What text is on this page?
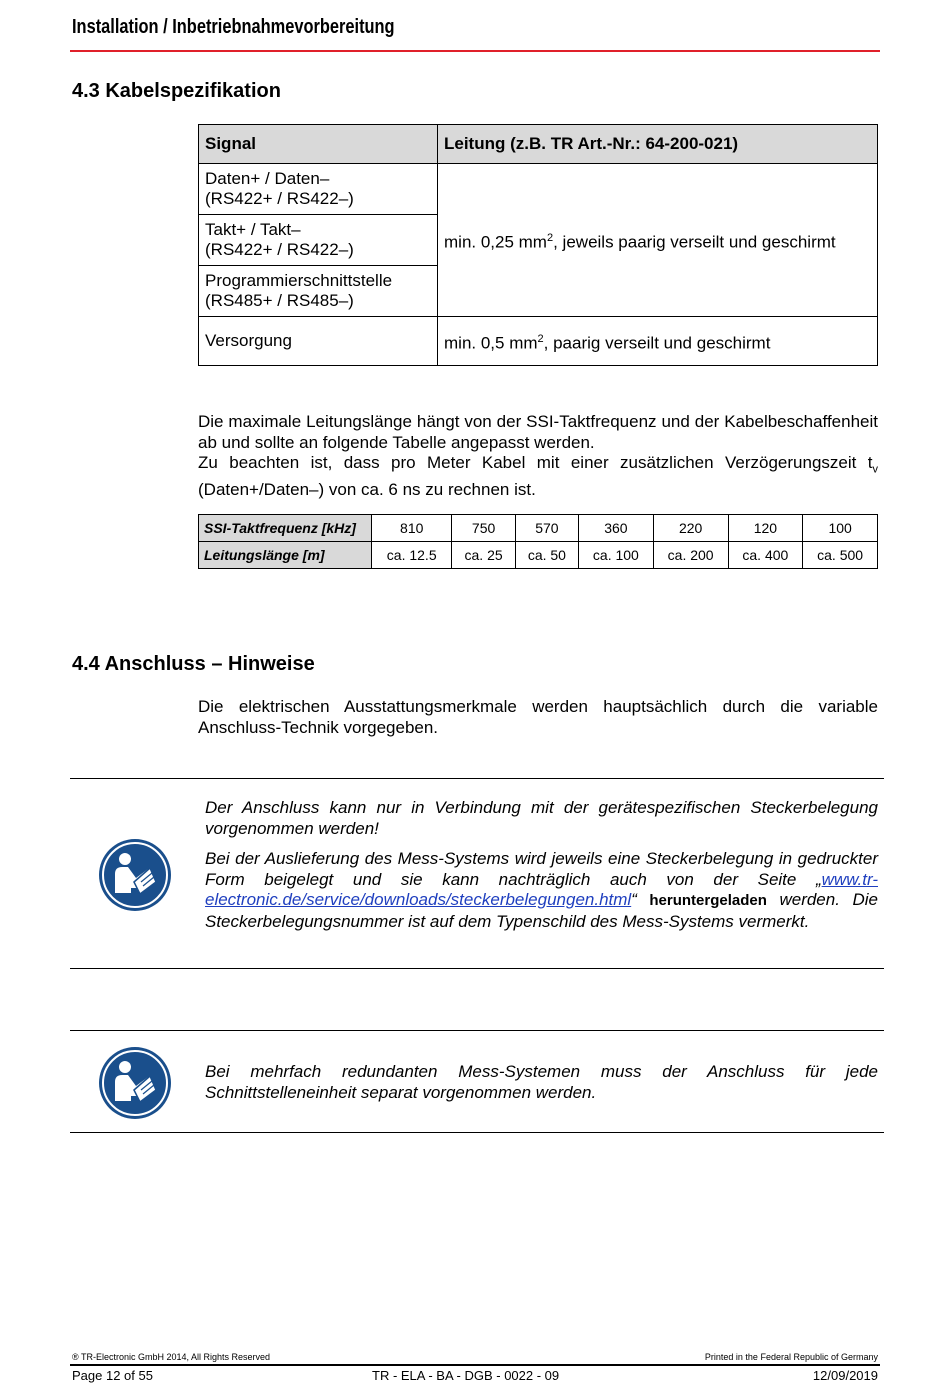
Installation / Inbetriebnahmevorbereitung
4.3 Kabelspezifikation
Signal	Leitung (z.B. TR Art.-Nr.: 64-200-021)
Daten+ / Daten–
(RS422+ / RS422–)	min. 0,25 $mm^2$, jeweils paarig verseilt und geschirmt
Takt+ / Takt–
(RS422+ / RS422–)	
Programmierschnittstelle
(RS485+ / RS485–)	
Versorgung	min. 0,5 $mm^2$, paarig verseilt und geschirmt
Die maximale Leitungslänge hängt von der SSI-Taktfrequenz und der Kabelbeschaffenheit ab und sollte an folgende Tabelle angepasst werden.
Zu beachten ist, dass pro Meter Kabel mit einer zusätzlichen Verzögerungszeit $t_v$ (Daten+/Daten–) von ca. 6 ns zu rechnen ist.
SSI-Taktfrequenz [kHz]	810	750	570	360	220	120	100
Leitungslänge [m]	ca. 12.5	ca. 25	ca. 50	ca. 100	ca. 200	ca. 400	ca. 500
4.4 Anschluss – Hinweise
Die elektrischen Ausstattungsmerkmale werden hauptsächlich durch die variable Anschluss-Technik vorgegeben.
Der Anschluss kann nur in Verbindung mit der gerätespezifischen Steckerbelegung vorgenommen werden!
Bei der Auslieferung des Mess-Systems wird jeweils eine Steckerbelegung in gedruckter Form beigelegt und sie kann nachträglich auch von der Seite „www.tr-electronic.de/service/downloads/steckerbelegungen.html“ heruntergeladen werden. Die Steckerbelegungsnummer ist auf dem Typenschild des Mess-Systems vermerkt.
Bei mehrfach redundanten Mess-Systemen muss der Anschluss für jede Schnittstelleneinheit separat vorgenommen werden.
® TR-Electronic GmbH 2014, All Rights Reserved	Printed in the Federal Republic of Germany
Page 12 of 55	TR - ELA - BA - DGB - 0022 - 09	12/09/2019
